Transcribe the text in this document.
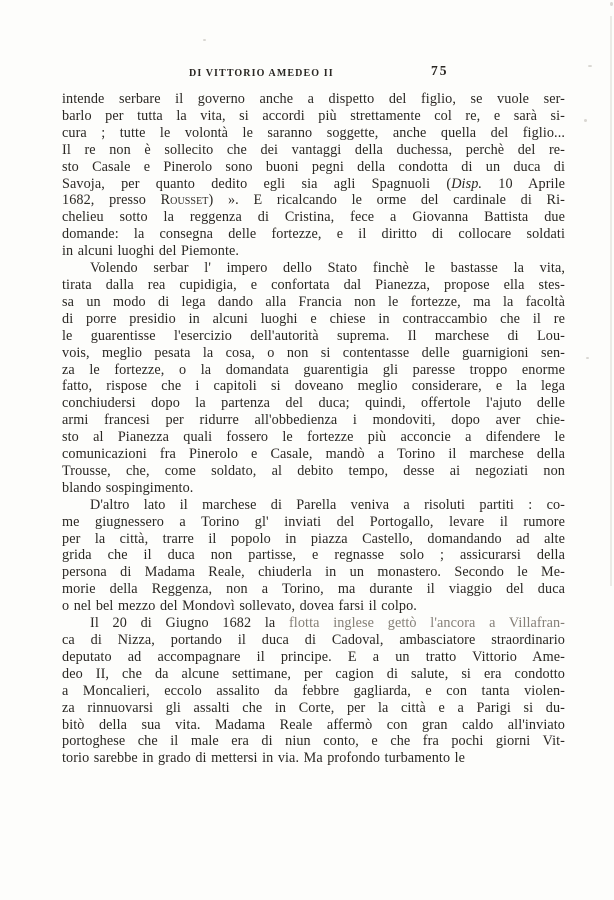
DI VITTORIO AMEDEO II	75
intende serbare il governo anche a dispetto del figlio, se vuole ser-
barlo per tutta la vita, si accordi più strettamente col re, e sarà si-
cura ; tutte le volontà le saranno soggette, anche quella del figlio...
Il re non è sollecito che dei vantaggi della duchessa, perchè del re-
sto Casale e Pinerolo sono buoni pegni della condotta di un duca di
Savoja, per quanto dedito egli sia agli Spagnuoli (Disp. 10 Aprile
1682, presso Rousset) ». E ricalcando le orme del cardinale di Ri-
chelieu sotto la reggenza di Cristina, fece a Giovanna Battista due
domande: la consegna delle fortezze, e il diritto di collocare soldati
in alcuni luoghi del Piemonte.
Volendo serbar l' impero dello Stato finchè le bastasse la vita,
tirata dalla rea cupidigia, e confortata dal Pianezza, propose ella stes-
sa un modo di lega dando alla Francia non le fortezze, ma la facoltà
di porre presidio in alcuni luoghi e chiese in contraccambio che il re
le guarentisse l'esercizio dell'autorità suprema. Il marchese di Lou-
vois, meglio pesata la cosa, o non si contentasse delle guarnigioni sen-
za le fortezze, o la domandata guarentigia gli paresse troppo enorme
fatto, rispose che i capitoli si doveano meglio considerare, e la lega
conchiudersi dopo la partenza del duca; quindi, offertole l'ajuto delle
armi francesi per ridurre all'obbedienza i mondoviti, dopo aver chie-
sto al Pianezza quali fossero le fortezze più acconcie a difendere le
comunicazioni fra Pinerolo e Casale, mandò a Torino il marchese della
Trousse, che, come soldato, al debito tempo, desse ai negoziati non
blando sospingimento.
D'altro lato il marchese di Parella veniva a risoluti partiti : co-
me giugnessero a Torino gl' inviati del Portogallo, levare il rumore
per la città, trarre il popolo in piazza Castello, domandando ad alte
grida che il duca non partisse, e regnasse solo ; assicurarsi della
persona di Madama Reale, chiuderla in un monastero. Secondo le Me-
morie della Reggenza, non a Torino, ma durante il viaggio del duca
o nel bel mezzo del Mondovì sollevato, dovea farsi il colpo.
Il 20 di Giugno 1682 la flotta inglese gettò l'ancora a Villafran-
ca di Nizza, portando il duca di Cadoval, ambasciatore straordinario
deputato ad accompagnare il principe. E a un tratto Vittorio Ame-
deo II, che da alcune settimane, per cagion di salute, si era condotto
a Moncalieri, eccolo assalito da febbre gagliarda, e con tanta violen-
za rinnuovarsi gli assalti che in Corte, per la città e a Parigi si du-
bitò della sua vita. Madama Reale affermò con gran caldo all'inviato
portoghese che il male era di niun conto, e che fra pochi giorni Vit-
torio sarebbe in grado di mettersi in via. Ma profondo turbamento le
